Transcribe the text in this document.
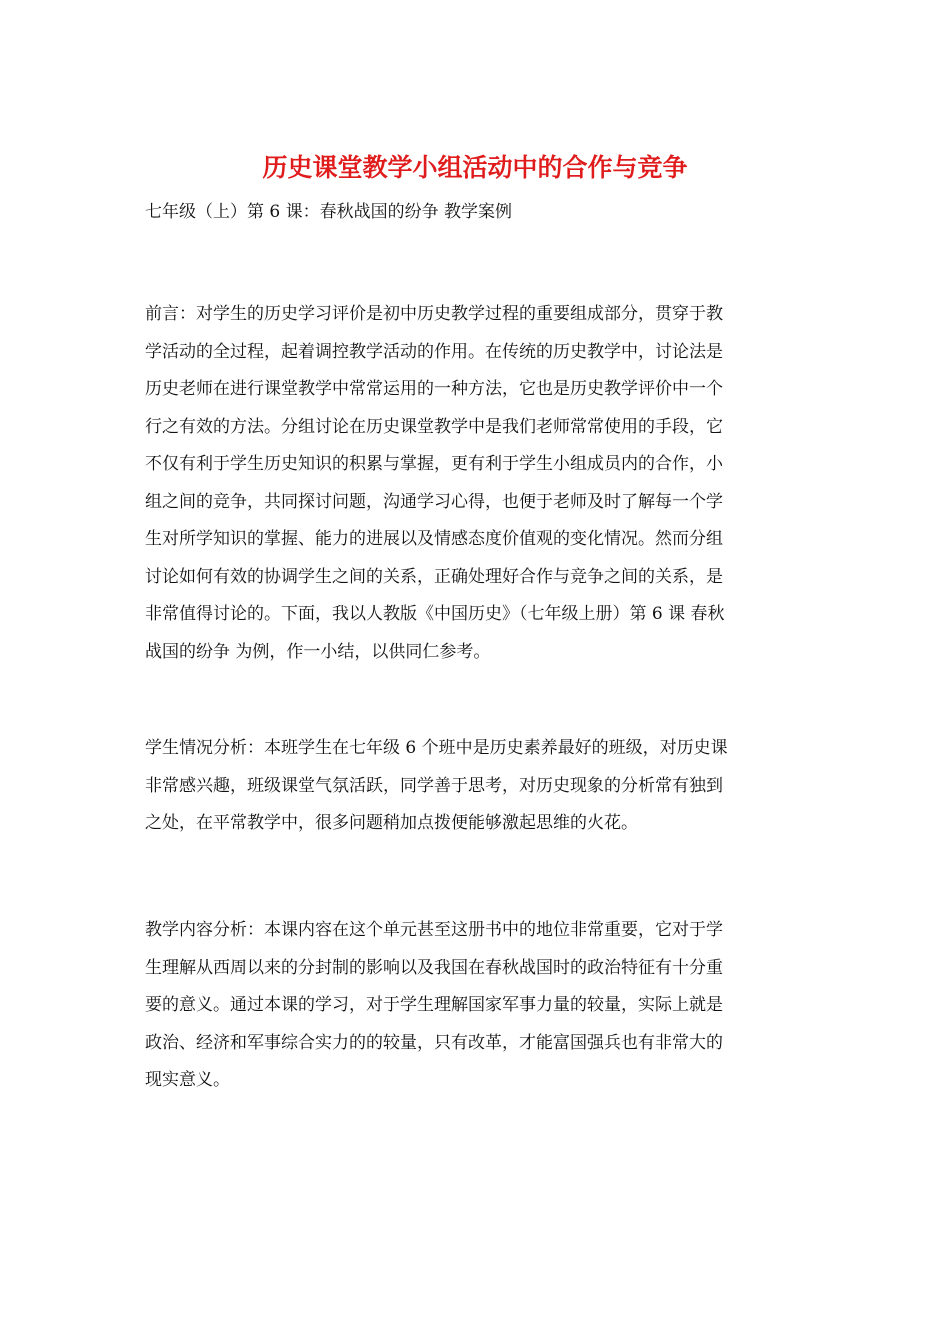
历史课堂教学小组活动中的合作与竞争
七年级（上）第 6 课：春秋战国的纷争 教学案例
前言：对学生的历史学习评价是初中历史教学过程的重要组成部分，贯穿于教
学活动的全过程，起着调控教学活动的作用。在传统的历史教学中，讨论法是
历史老师在进行课堂教学中常常运用的一种方法，它也是历史教学评价中一个
行之有效的方法。分组讨论在历史课堂教学中是我们老师常常使用的手段，它
不仅有利于学生历史知识的积累与掌握，更有利于学生小组成员内的合作，小
组之间的竞争，共同探讨问题，沟通学习心得，也便于老师及时了解每一个学
生对所学知识的掌握、能力的进展以及情感态度价值观的变化情况。然而分组
讨论如何有效的协调学生之间的关系，正确处理好合作与竞争之间的关系，是
非常值得讨论的。下面，我以人教版《中国历史》（七年级上册）第 6 课 春秋
战国的纷争 为例，作一小结，以供同仁参考。
学生情况分析：本班学生在七年级 6 个班中是历史素养最好的班级，对历史课
非常感兴趣，班级课堂气氛活跃，同学善于思考，对历史现象的分析常有独到
之处，在平常教学中，很多问题稍加点拨便能够激起思维的火花。
教学内容分析：本课内容在这个单元甚至这册书中的地位非常重要，它对于学
生理解从西周以来的分封制的影响以及我国在春秋战国时的政治特征有十分重
要的意义。通过本课的学习，对于学生理解国家军事力量的较量，实际上就是
政治、经济和军事综合实力的的较量，只有改革，才能富国强兵也有非常大的
现实意义。
